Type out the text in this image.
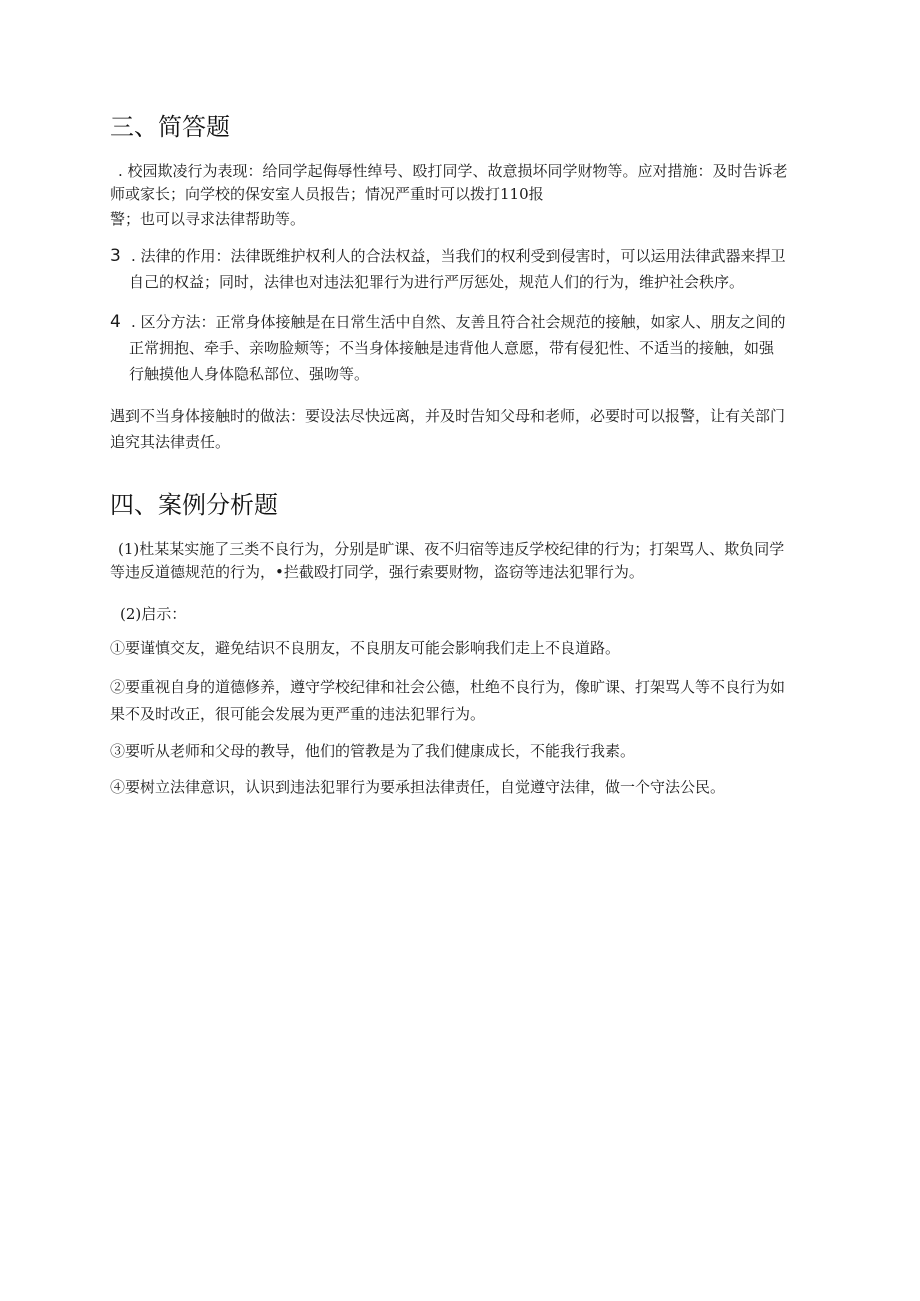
三、简答题

. 校园欺凌行为表现：给同学起侮辱性绰号、殴打同学、故意损坏同学财物等。应对措施：及时告诉老
师或家长；向学校的保安室人员报告；情况严重时可以拨打110报

警；也可以寻求法律帮助等。

3 . 法律的作用：法律既维护权利人的合法权益，当我们的权利受到侵害时，可以运用法律武器来捍卫
自己的权益；同时，法律也对违法犯罪行为进行严厉惩处，规范人们的行为，维护社会秩序。

4 . 区分方法：正常身体接触是在日常生活中自然、友善且符合社会规范的接触，如家人、朋友之间的
正常拥抱、牵手、亲吻脸颊等；不当身体接触是违背他人意愿，带有侵犯性、不适当的接触，如强
行触摸他人身体隐私部位、强吻等。

遇到不当身体接触时的做法：要设法尽快远离，并及时告知父母和老师，必要时可以报警，让有关部门
追究其法律责任。

四、案例分析题

(1)杜某某实施了三类不良行为，分别是旷课、夜不归宿等违反学校纪律的行为；打架骂人、欺负同学
等违反道德规范的行为，•拦截殴打同学，强行索要财物，盗窃等违法犯罪行为。

(2)启示：

①要谨慎交友，避免结识不良朋友，不良朋友可能会影响我们走上不良道路。

②要重视自身的道德修养，遵守学校纪律和社会公德，杜绝不良行为，像旷课、打架骂人等不良行为如
果不及时改正，很可能会发展为更严重的违法犯罪行为。

③要听从老师和父母的教导，他们的管教是为了我们健康成长，不能我行我素。

④要树立法律意识，认识到违法犯罪行为要承担法律责任，自觉遵守法律，做一个守法公民。
